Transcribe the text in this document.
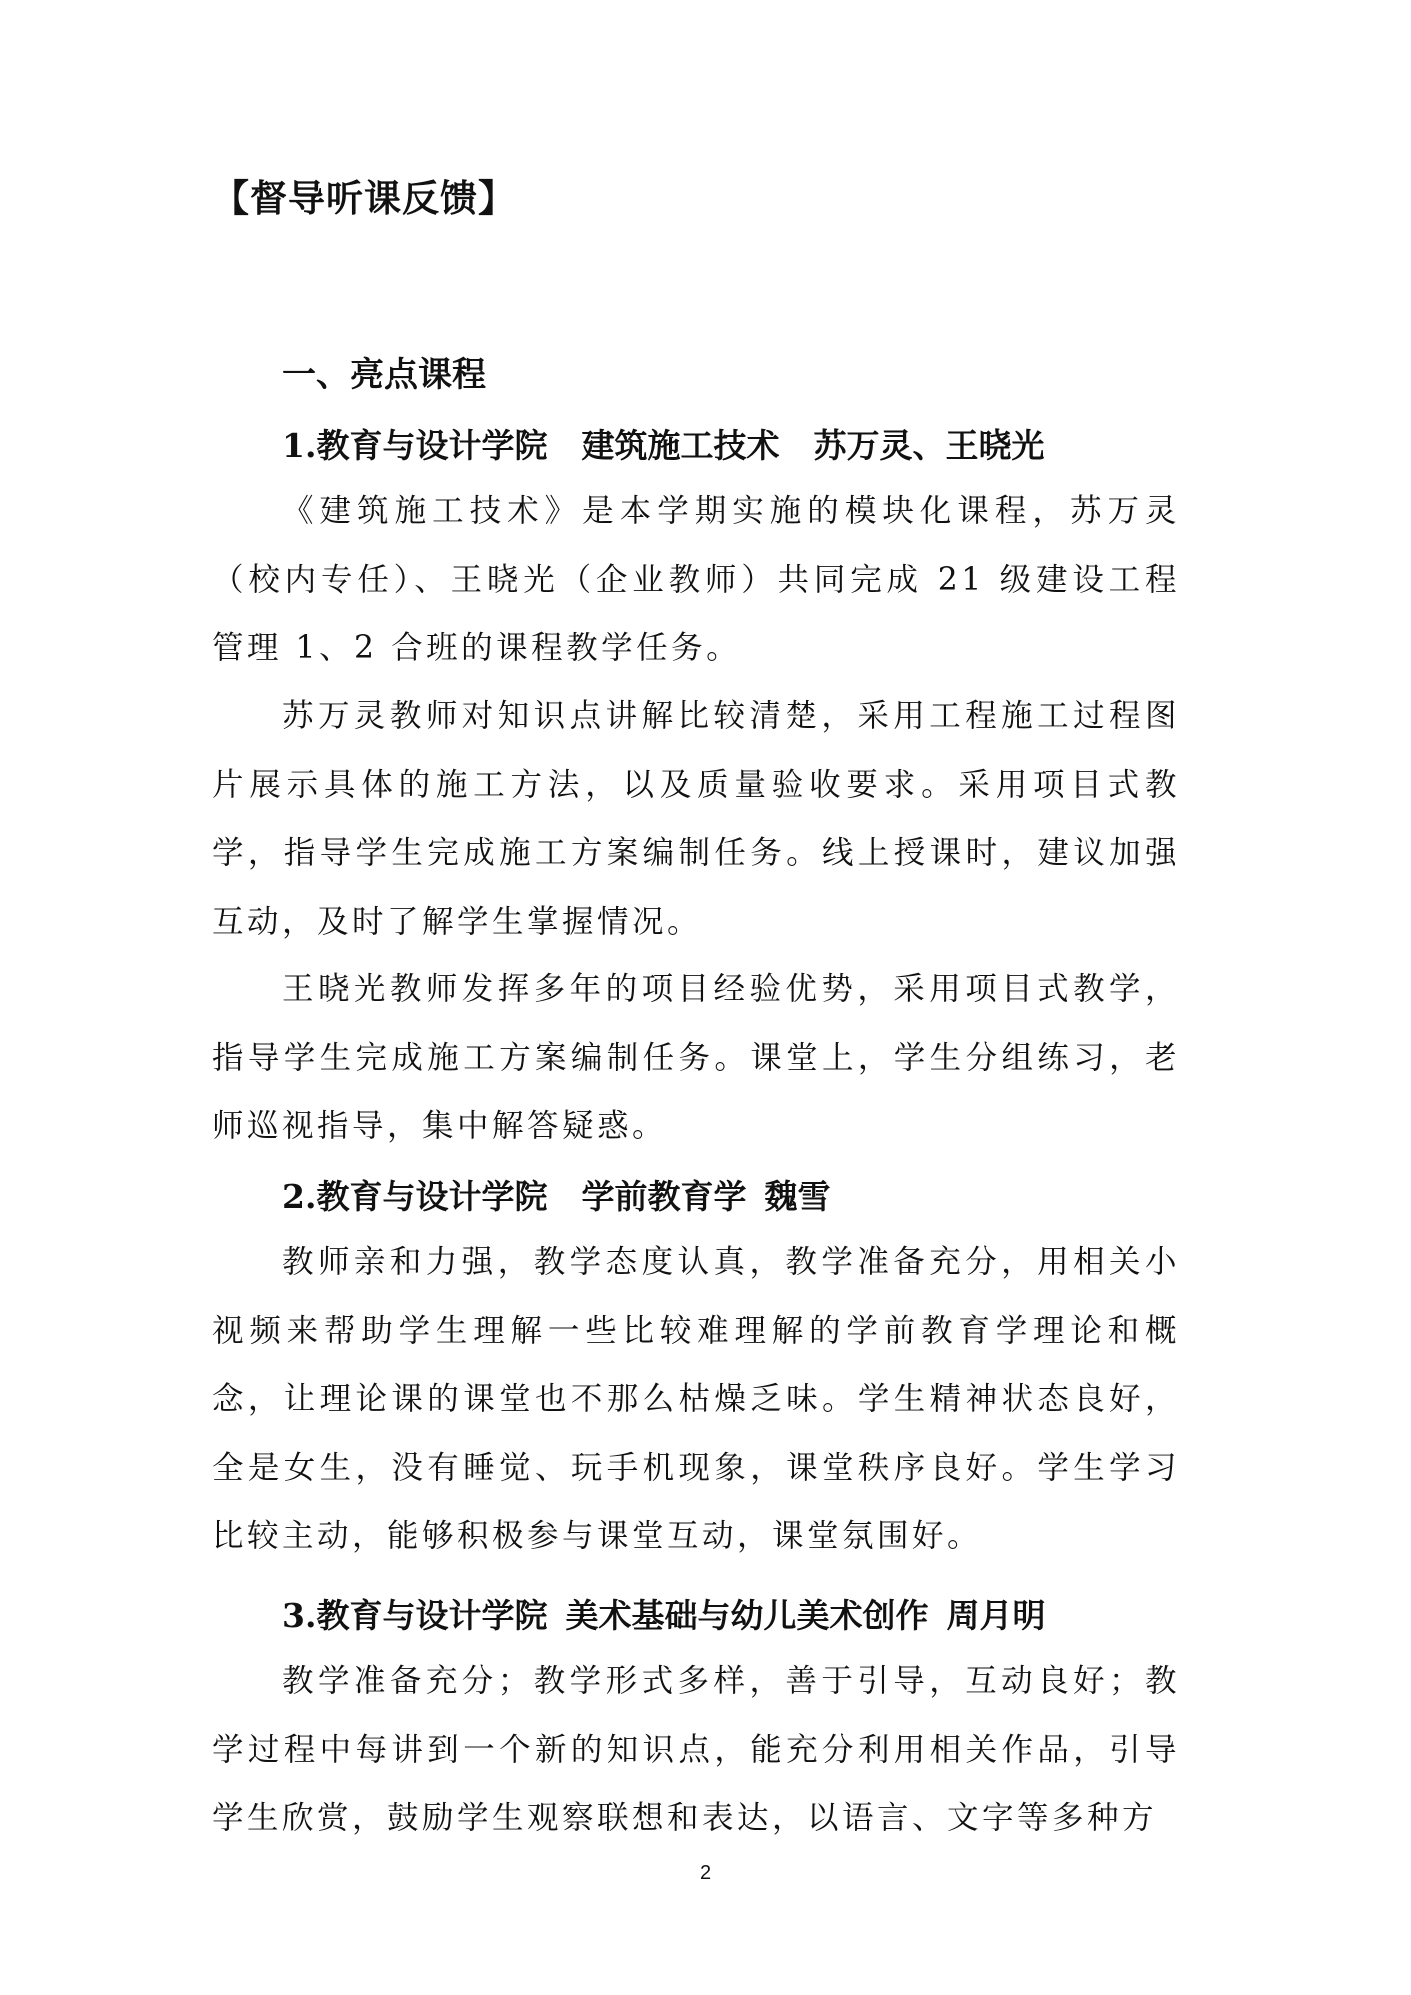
【督导听课反馈】
一、亮点课程
1.教育与设计学院 建筑施工技术 苏万灵、王晓光
《建筑施工技术》是本学期实施的模块化课程，苏万灵（校内专任）、王晓光（企业教师）共同完成 21 级建设工程管理 1、2 合班的课程教学任务。
苏万灵教师对知识点讲解比较清楚，采用工程施工过程图片展示具体的施工方法，以及质量验收要求。采用项目式教学，指导学生完成施工方案编制任务。线上授课时，建议加强互动，及时了解学生掌握情况。
王晓光教师发挥多年的项目经验优势，采用项目式教学，指导学生完成施工方案编制任务。课堂上，学生分组练习，老师巡视指导，集中解答疑惑。
2.教育与设计学院 学前教育学 魏雪
教师亲和力强，教学态度认真，教学准备充分，用相关小视频来帮助学生理解一些比较难理解的学前教育学理论和概念，让理论课的课堂也不那么枯燥乏味。学生精神状态良好，全是女生，没有睡觉、玩手机现象，课堂秩序良好。学生学习比较主动，能够积极参与课堂互动，课堂氛围好。
3.教育与设计学院 美术基础与幼儿美术创作 周月明
教学准备充分；教学形式多样，善于引导，互动良好；教学过程中每讲到一个新的知识点，能充分利用相关作品，引导学生欣赏，鼓励学生观察联想和表达，以语言、文字等多种方
2
